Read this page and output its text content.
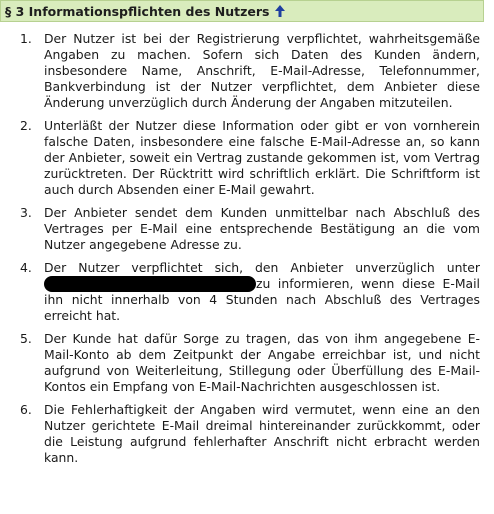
§ 3 Informationspflichten des Nutzers
1. Der Nutzer ist bei der Registrierung verpflichtet, wahrheitsgemäße Angaben zu machen. Sofern sich Daten des Kunden ändern, insbesondere Name, Anschrift, E-Mail-Adresse, Telefonnummer, Bankverbindung ist der Nutzer verpflichtet, dem Anbieter diese Änderung unverzüglich durch Änderung der Angaben mitzuteilen.
2. Unterläßt der Nutzer diese Information oder gibt er von vornherein falsche Daten, insbesondere eine falsche E-Mail-Adresse an, so kann der Anbieter, soweit ein Vertrag zustande gekommen ist, vom Vertrag zurücktreten. Der Rücktritt wird schriftlich erklärt. Die Schriftform ist auch durch Absenden einer E-Mail gewahrt.
3. Der Anbieter sendet dem Kunden unmittelbar nach Abschluß des Vertrages per E-Mail eine entsprechende Bestätigung an die vom Nutzer angegebene Adresse zu.
4. Der Nutzer verpflichtet sich, den Anbieter unverzüglich unter zu informieren, wenn diese E-Mail ihn nicht innerhalb von 4 Stunden nach Abschluß des Vertrages erreicht hat.
5. Der Kunde hat dafür Sorge zu tragen, das von ihm angegebene E-Mail-Konto ab dem Zeitpunkt der Angabe erreichbar ist, und nicht aufgrund von Weiterleitung, Stillegung oder Überfüllung des E-Mail-Kontos ein Empfang von E-Mail-Nachrichten ausgeschlossen ist.
6. Die Fehlerhaftigkeit der Angaben wird vermutet, wenn eine an den Nutzer gerichtete E-Mail dreimal hintereinander zurückkommt, oder die Leistung aufgrund fehlerhafter Anschrift nicht erbracht werden kann.
